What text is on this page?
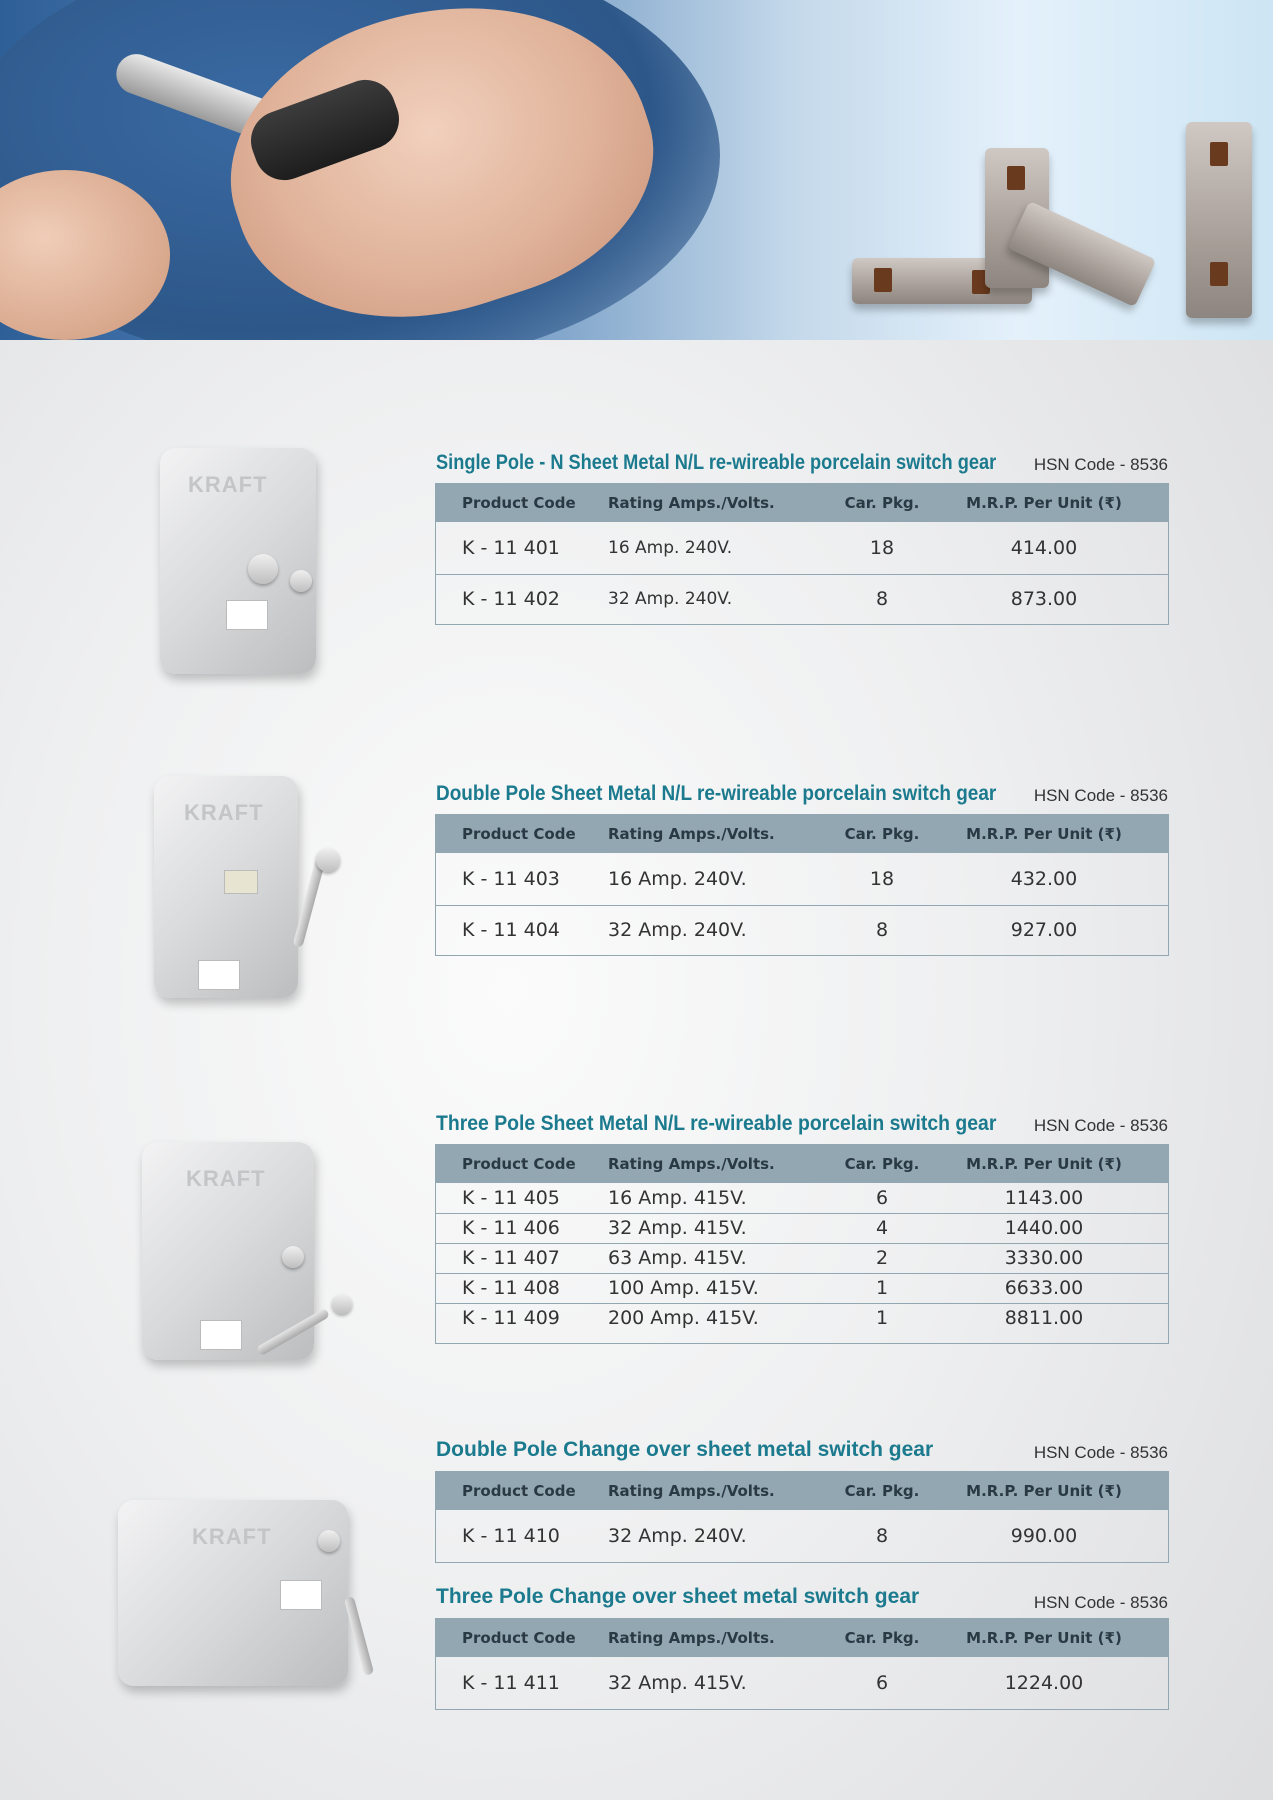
KRAFT
Single Pole - N Sheet Metal N/L re-wireable porcelain switch gear HSN Code - 8536
Product Code	Rating Amps./Volts.	Car. Pkg.	M.R.P. Per Unit (₹)
K - 11 401	16 Amp. 240V.	18	414.00
K - 11 402	32 Amp. 240V.	8	873.00
KRAFT
Double Pole Sheet Metal N/L re-wireable porcelain switch gear HSN Code - 8536
Product Code	Rating Amps./Volts.	Car. Pkg.	M.R.P. Per Unit (₹)
K - 11 403	16 Amp. 240V.	18	432.00
K - 11 404	32 Amp. 240V.	8	927.00
KRAFT
Three Pole Sheet Metal N/L re-wireable porcelain switch gear HSN Code - 8536
Product Code	Rating Amps./Volts.	Car. Pkg.	M.R.P. Per Unit (₹)
K - 11 405	16 Amp. 415V.	6	1143.00
K - 11 406	32 Amp. 415V.	4	1440.00
K - 11 407	63 Amp. 415V.	2	3330.00
K - 11 408	100 Amp. 415V.	1	6633.00
K - 11 409	200 Amp. 415V.	1	8811.00
KRAFT
Double Pole Change over sheet metal switch gear	HSN Code - 8536
Product Code	Rating Amps./Volts.	Car. Pkg.	M.R.P. Per Unit (₹)
K - 11 410	32 Amp. 240V.	8	990.00
Three Pole Change over sheet metal switch gear	HSN Code - 8536
Product Code	Rating Amps./Volts.	Car. Pkg.	M.R.P. Per Unit (₹)
K - 11 411	32 Amp. 415V.	6	1224.00
